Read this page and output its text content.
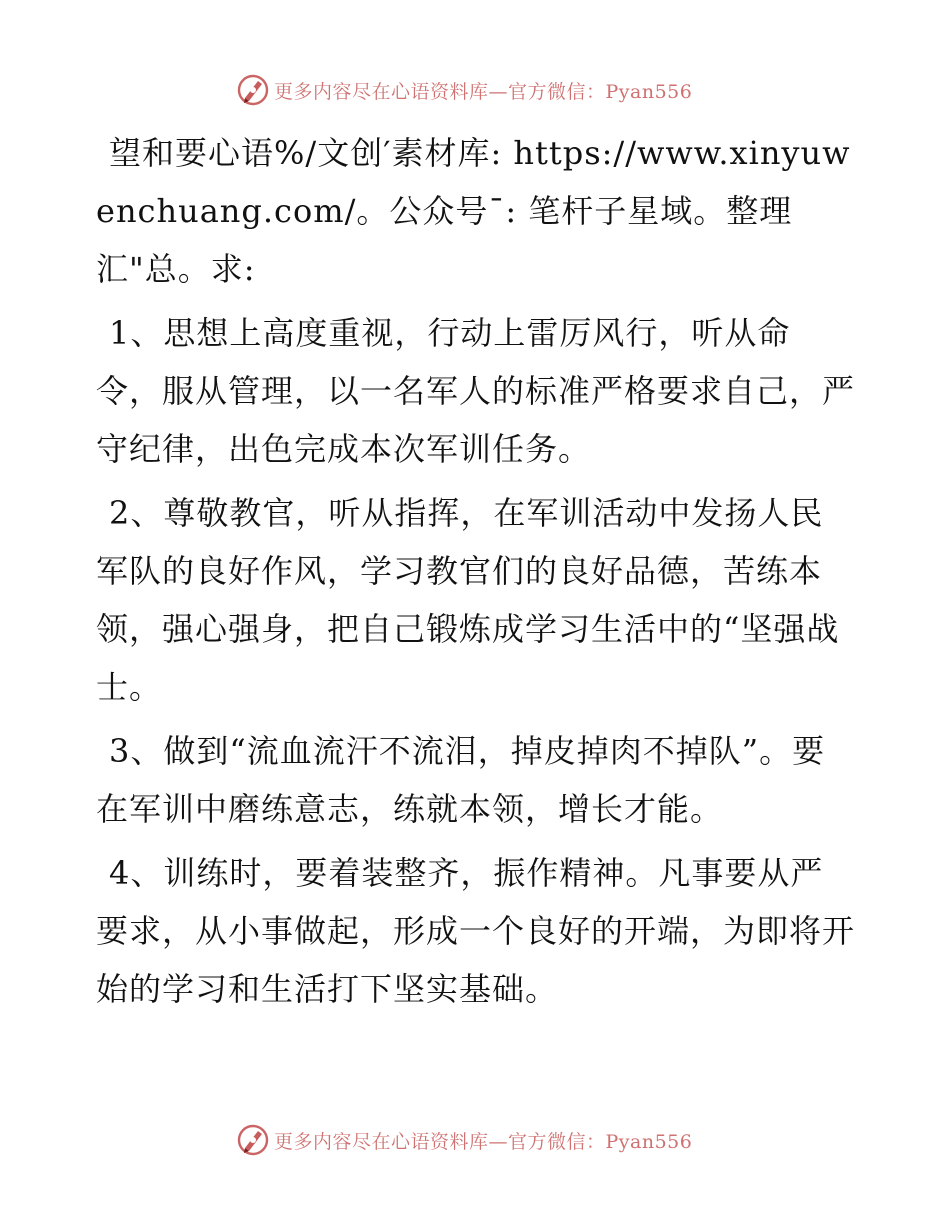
更多内容尽在心语资料库—官方微信：Pyan556

望和要心语%/文创′素材库: https://www.xinyuwenchuang.com/。公众号¯: 笔杆子星域。整理汇"总。求:

1、思想上高度重视，行动上雷厉风行，听从命令，服从管理，以一名军人的标准严格要求自己，严守纪律，出色完成本次军训任务。

2、尊敬教官，听从指挥，在军训活动中发扬人民军队的良好作风，学习教官们的良好品德，苦练本领，强心强身，把自己锻炼成学习生活中的“坚强战士。

3、做到“流血流汗不流泪，掉皮掉肉不掉队”。要在军训中磨练意志，练就本领，增长才能。

4、训练时，要着装整齐，振作精神。凡事要从严要求，从小事做起，形成一个良好的开端，为即将开始的学习和生活打下坚实基础。

更多内容尽在心语资料库—官方微信：Pyan556
